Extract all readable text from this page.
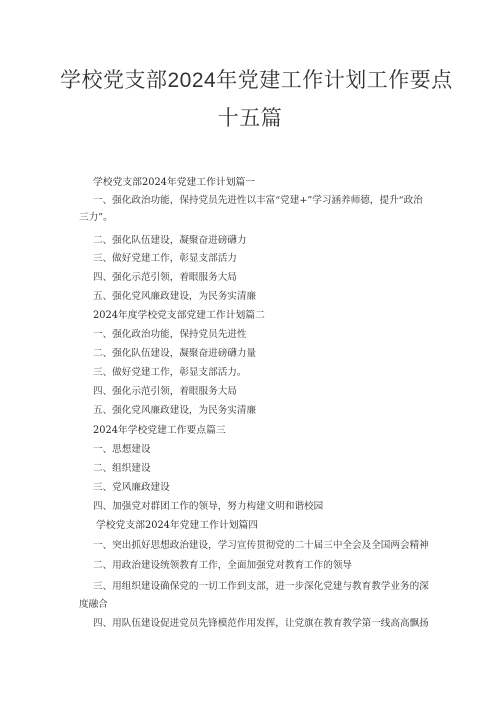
学校党支部2024年党建工作计划工作要点
十五篇
学校党支部2024年党建工作计划篇一
一、强化政治功能，保持党员先进性以丰富“党建+”学习涵养师德，提升“政治
三力”。
二、强化队伍建设，凝聚奋进磅礴力
三、做好党建工作，彰显支部活力
四、强化示范引领，着眼服务大局
五、强化党风廉政建设，为民务实清廉
2024年度学校党支部党建工作计划篇二
一、强化政治功能，保持党员先进性
二、强化队伍建设，凝聚奋进磅礴力量
三、做好党建工作，彰显支部活力。
四、强化示范引领，着眼服务大局
五、强化党风廉政建设，为民务实清廉
2024年学校党建工作要点篇三
一、思想建设
二、组织建设
三、党风廉政建设
四、加强党对群团工作的领导，努力构建文明和谐校园
学校党支部2024年党建工作计划篇四
一、突出抓好思想政治建设，学习宣传贯彻党的二十届三中全会及全国两会精神
二、用政治建设统领教育工作，全面加强党对教育工作的领导
三、用组织建设确保党的一切工作到支部，进一步深化党建与教育教学业务的深
度融合
四、用队伍建设促进党员先锋模范作用发挥，让党旗在教育教学第一线高高飘扬
